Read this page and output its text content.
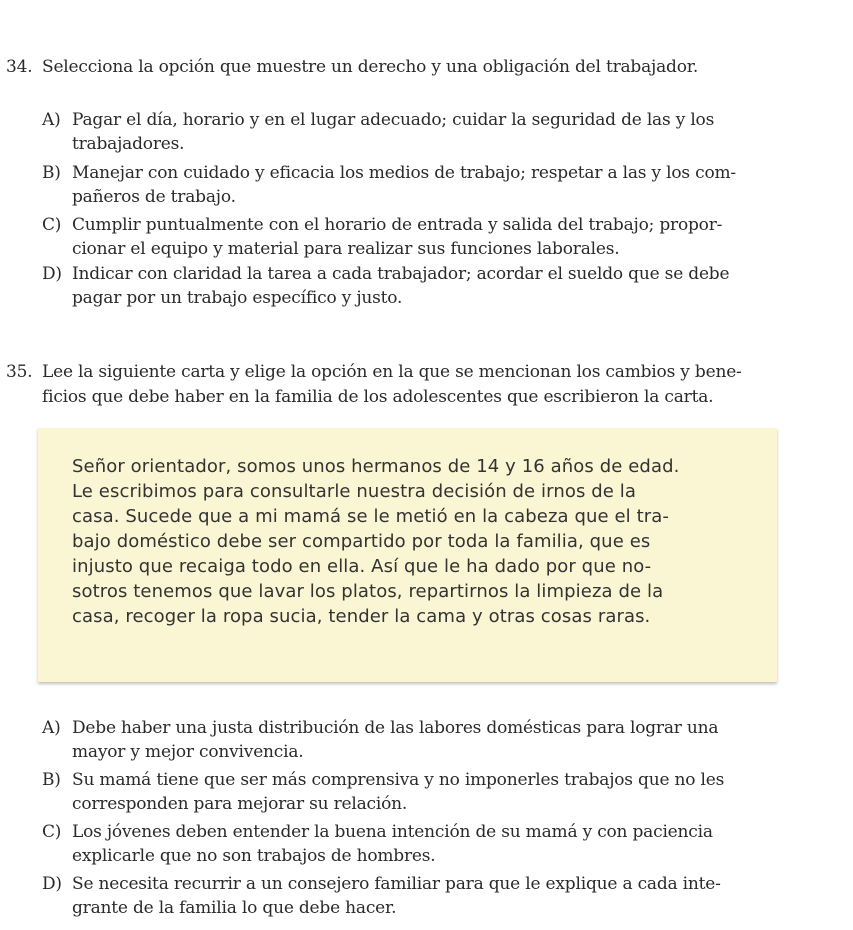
34. Selecciona la opción que muestre un derecho y una obligación del trabajador.
A) Pagar el día, horario y en el lugar adecuado; cuidar la seguridad de las y los
trabajadores.
B) Manejar con cuidado y eficacia los medios de trabajo; respetar a las y los com-
pañeros de trabajo.
C) Cumplir puntualmente con el horario de entrada y salida del trabajo; propor-
cionar el equipo y material para realizar sus funciones laborales.
D) Indicar con claridad la tarea a cada trabajador; acordar el sueldo que se debe
pagar por un trabajo específico y justo.
35. Lee la siguiente carta y elige la opción en la que se mencionan los cambios y bene-
ficios que debe haber en la familia de los adolescentes que escribieron la carta.
Señor orientador, somos unos hermanos de 14 y 16 años de edad.
Le escribimos para consultarle nuestra decisión de irnos de la
casa. Sucede que a mi mamá se le metió en la cabeza que el tra-
bajo doméstico debe ser compartido por toda la familia, que es
injusto que recaiga todo en ella. Así que le ha dado por que no-
sotros tenemos que lavar los platos, repartirnos la limpieza de la
casa, recoger la ropa sucia, tender la cama y otras cosas raras.
A) Debe haber una justa distribución de las labores domésticas para lograr una
mayor y mejor convivencia.
B) Su mamá tiene que ser más comprensiva y no imponerles trabajos que no les
corresponden para mejorar su relación.
C) Los jóvenes deben entender la buena intención de su mamá y con paciencia
explicarle que no son trabajos de hombres.
D) Se necesita recurrir a un consejero familiar para que le explique a cada inte-
grante de la familia lo que debe hacer.
